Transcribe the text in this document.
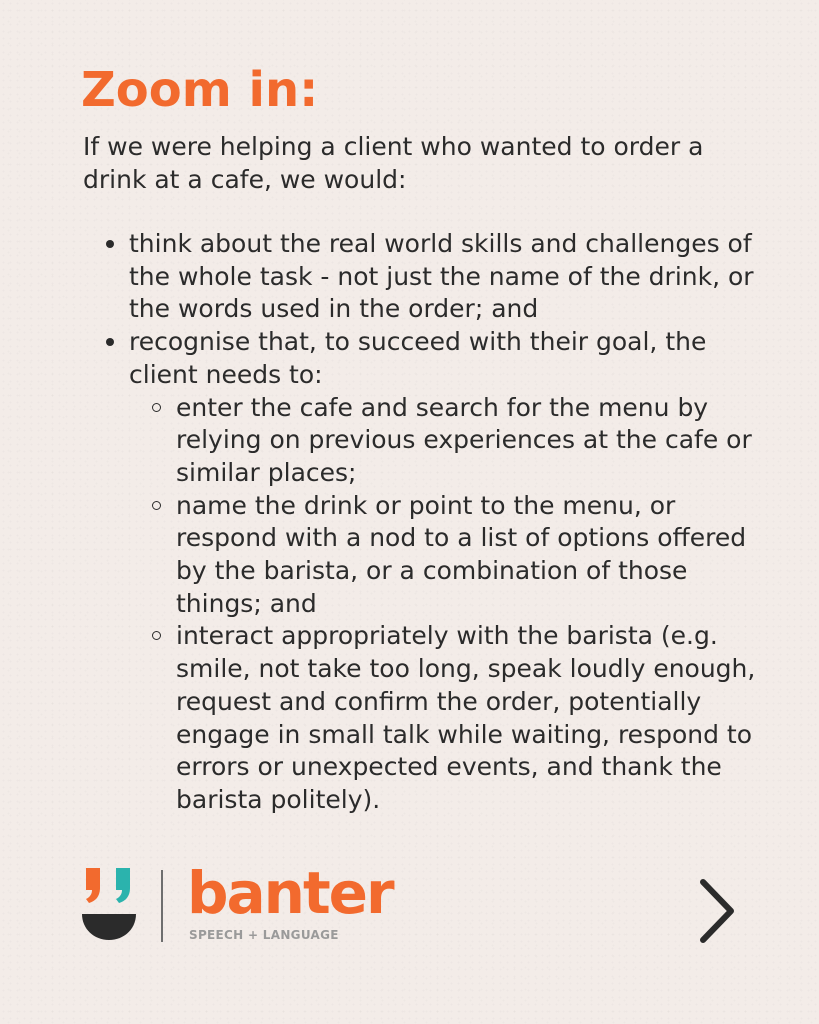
Zoom in:

If we were helping a client who wanted to order a drink at a cafe, we would:

think about the real world skills and challenges of the whole task - not just the name of the drink, or the words used in the order; and
recognise that, to succeed with their goal, the client needs to:
enter the cafe and search for the menu by relying on previous experiences at the cafe or similar places;
name the drink or point to the menu, or respond with a nod to a list of options offered by the barista, or a combination of those things; and
interact appropriately with the barista (e.g. smile, not take too long, speak loudly enough, request and confirm the order, potentially engage in small talk while waiting, respond to errors or unexpected events, and thank the barista politely).
banter
SPEECH + LANGUAGE
